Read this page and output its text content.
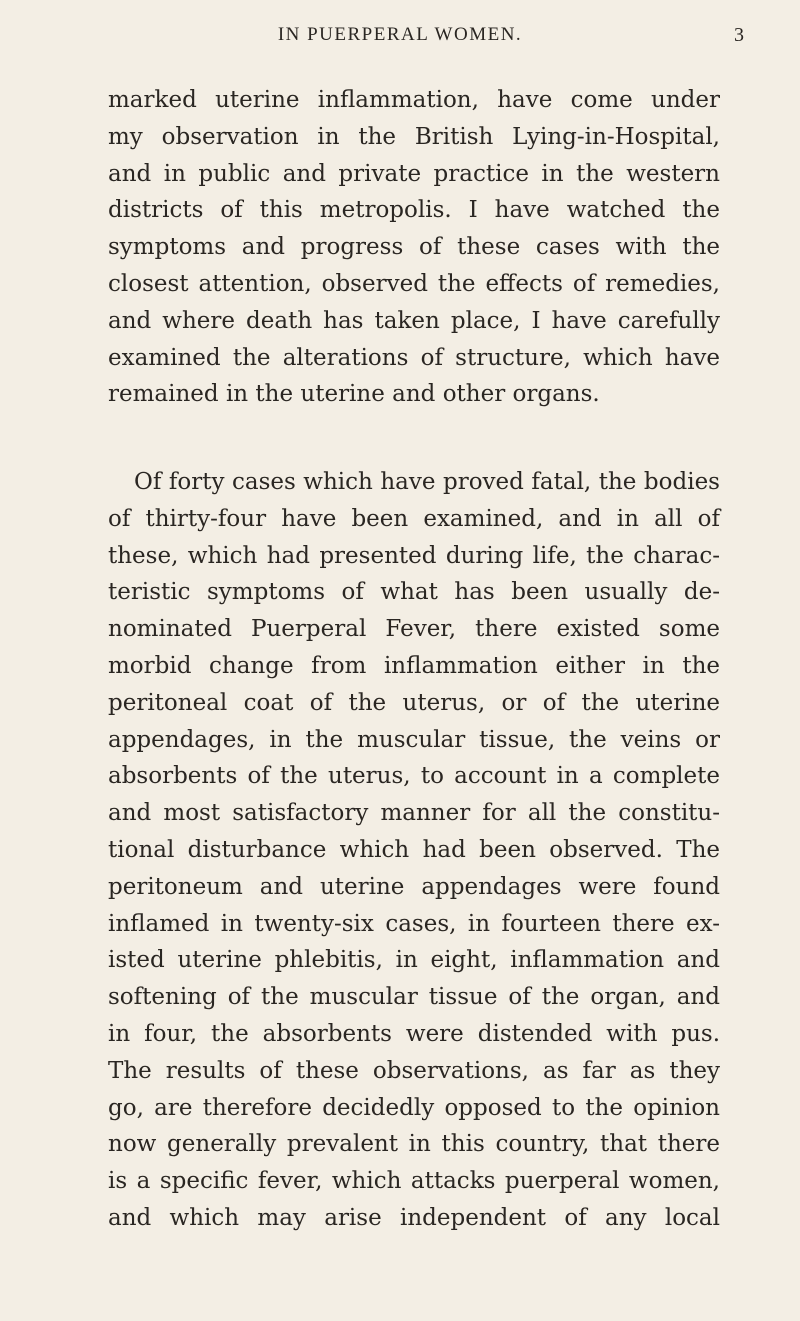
IN PUERPERAL WOMEN.	3
marked uterine inflammation, have come under
my observation in the British Lying-in-Hospital,
and in public and private practice in the western
districts of this metropolis. I have watched the
symptoms and progress of these cases with the
closest attention, observed the effects of remedies,
and where death has taken place, I have carefully
examined the alterations of structure, which have
remained in the uterine and other organs.
Of forty cases which have proved fatal, the bodies
of thirty-four have been examined, and in all of
these, which had presented during life, the charac-
teristic symptoms of what has been usually de-
nominated Puerperal Fever, there existed some
morbid change from inflammation either in the
peritoneal coat of the uterus, or of the uterine
appendages, in the muscular tissue, the veins or
absorbents of the uterus, to account in a complete
and most satisfactory manner for all the constitu-
tional disturbance which had been observed. The
peritoneum and uterine appendages were found
inflamed in twenty-six cases, in fourteen there ex-
isted uterine phlebitis, in eight, inflammation and
softening of the muscular tissue of the organ, and
in four, the absorbents were distended with pus.
The results of these observations, as far as they
go, are therefore decidedly opposed to the opinion
now generally prevalent in this country, that there
is a specific fever, which attacks puerperal women,
and which may arise independent of any local
